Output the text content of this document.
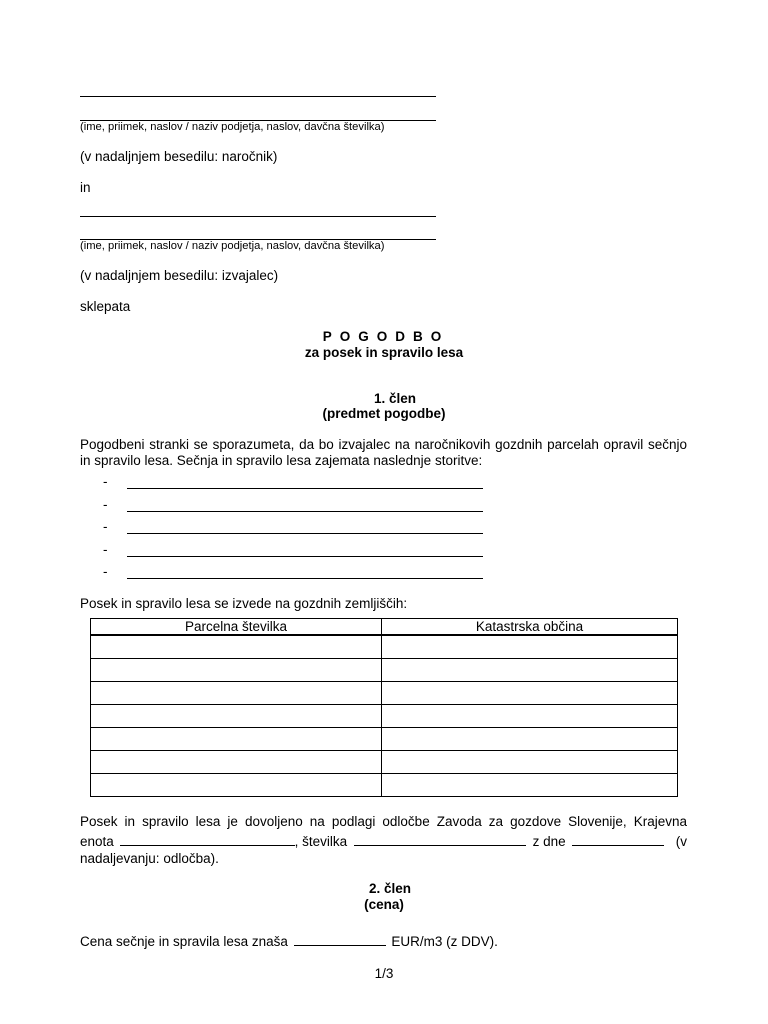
(ime, priimek, naslov / naziv podjetja, naslov, davčna številka)
(v nadaljnjem besedilu: naročnik)
in
(ime, priimek, naslov / naziv podjetja, naslov, davčna številka)
(v nadaljnjem besedilu: izvajalec)
sklepata
POGODBO
za posek in spravilo lesa
1. člen
(predmet pogodbe)
Pogodbeni stranki se sporazumeta, da bo izvajalec na naročnikovih gozdnih parcelah opravil sečnjo in spravilo lesa. Sečnja in spravilo lesa zajemata naslednje storitve:
-
-
-
-
-
Posek in spravilo lesa se izvede na gozdnih zemljiščih:
Parcelna številka	Katastrska občina

Posek in spravilo lesa je dovoljeno na podlagi odločbe Zavoda za gozdove Slovenije, Krajevna
enota	, številka	z dne	(v
nadaljevanju: odločba).
2. člen
(cena)
Cena sečnje in spravila lesa znaša	EUR/m3 (z DDV).
1/3
